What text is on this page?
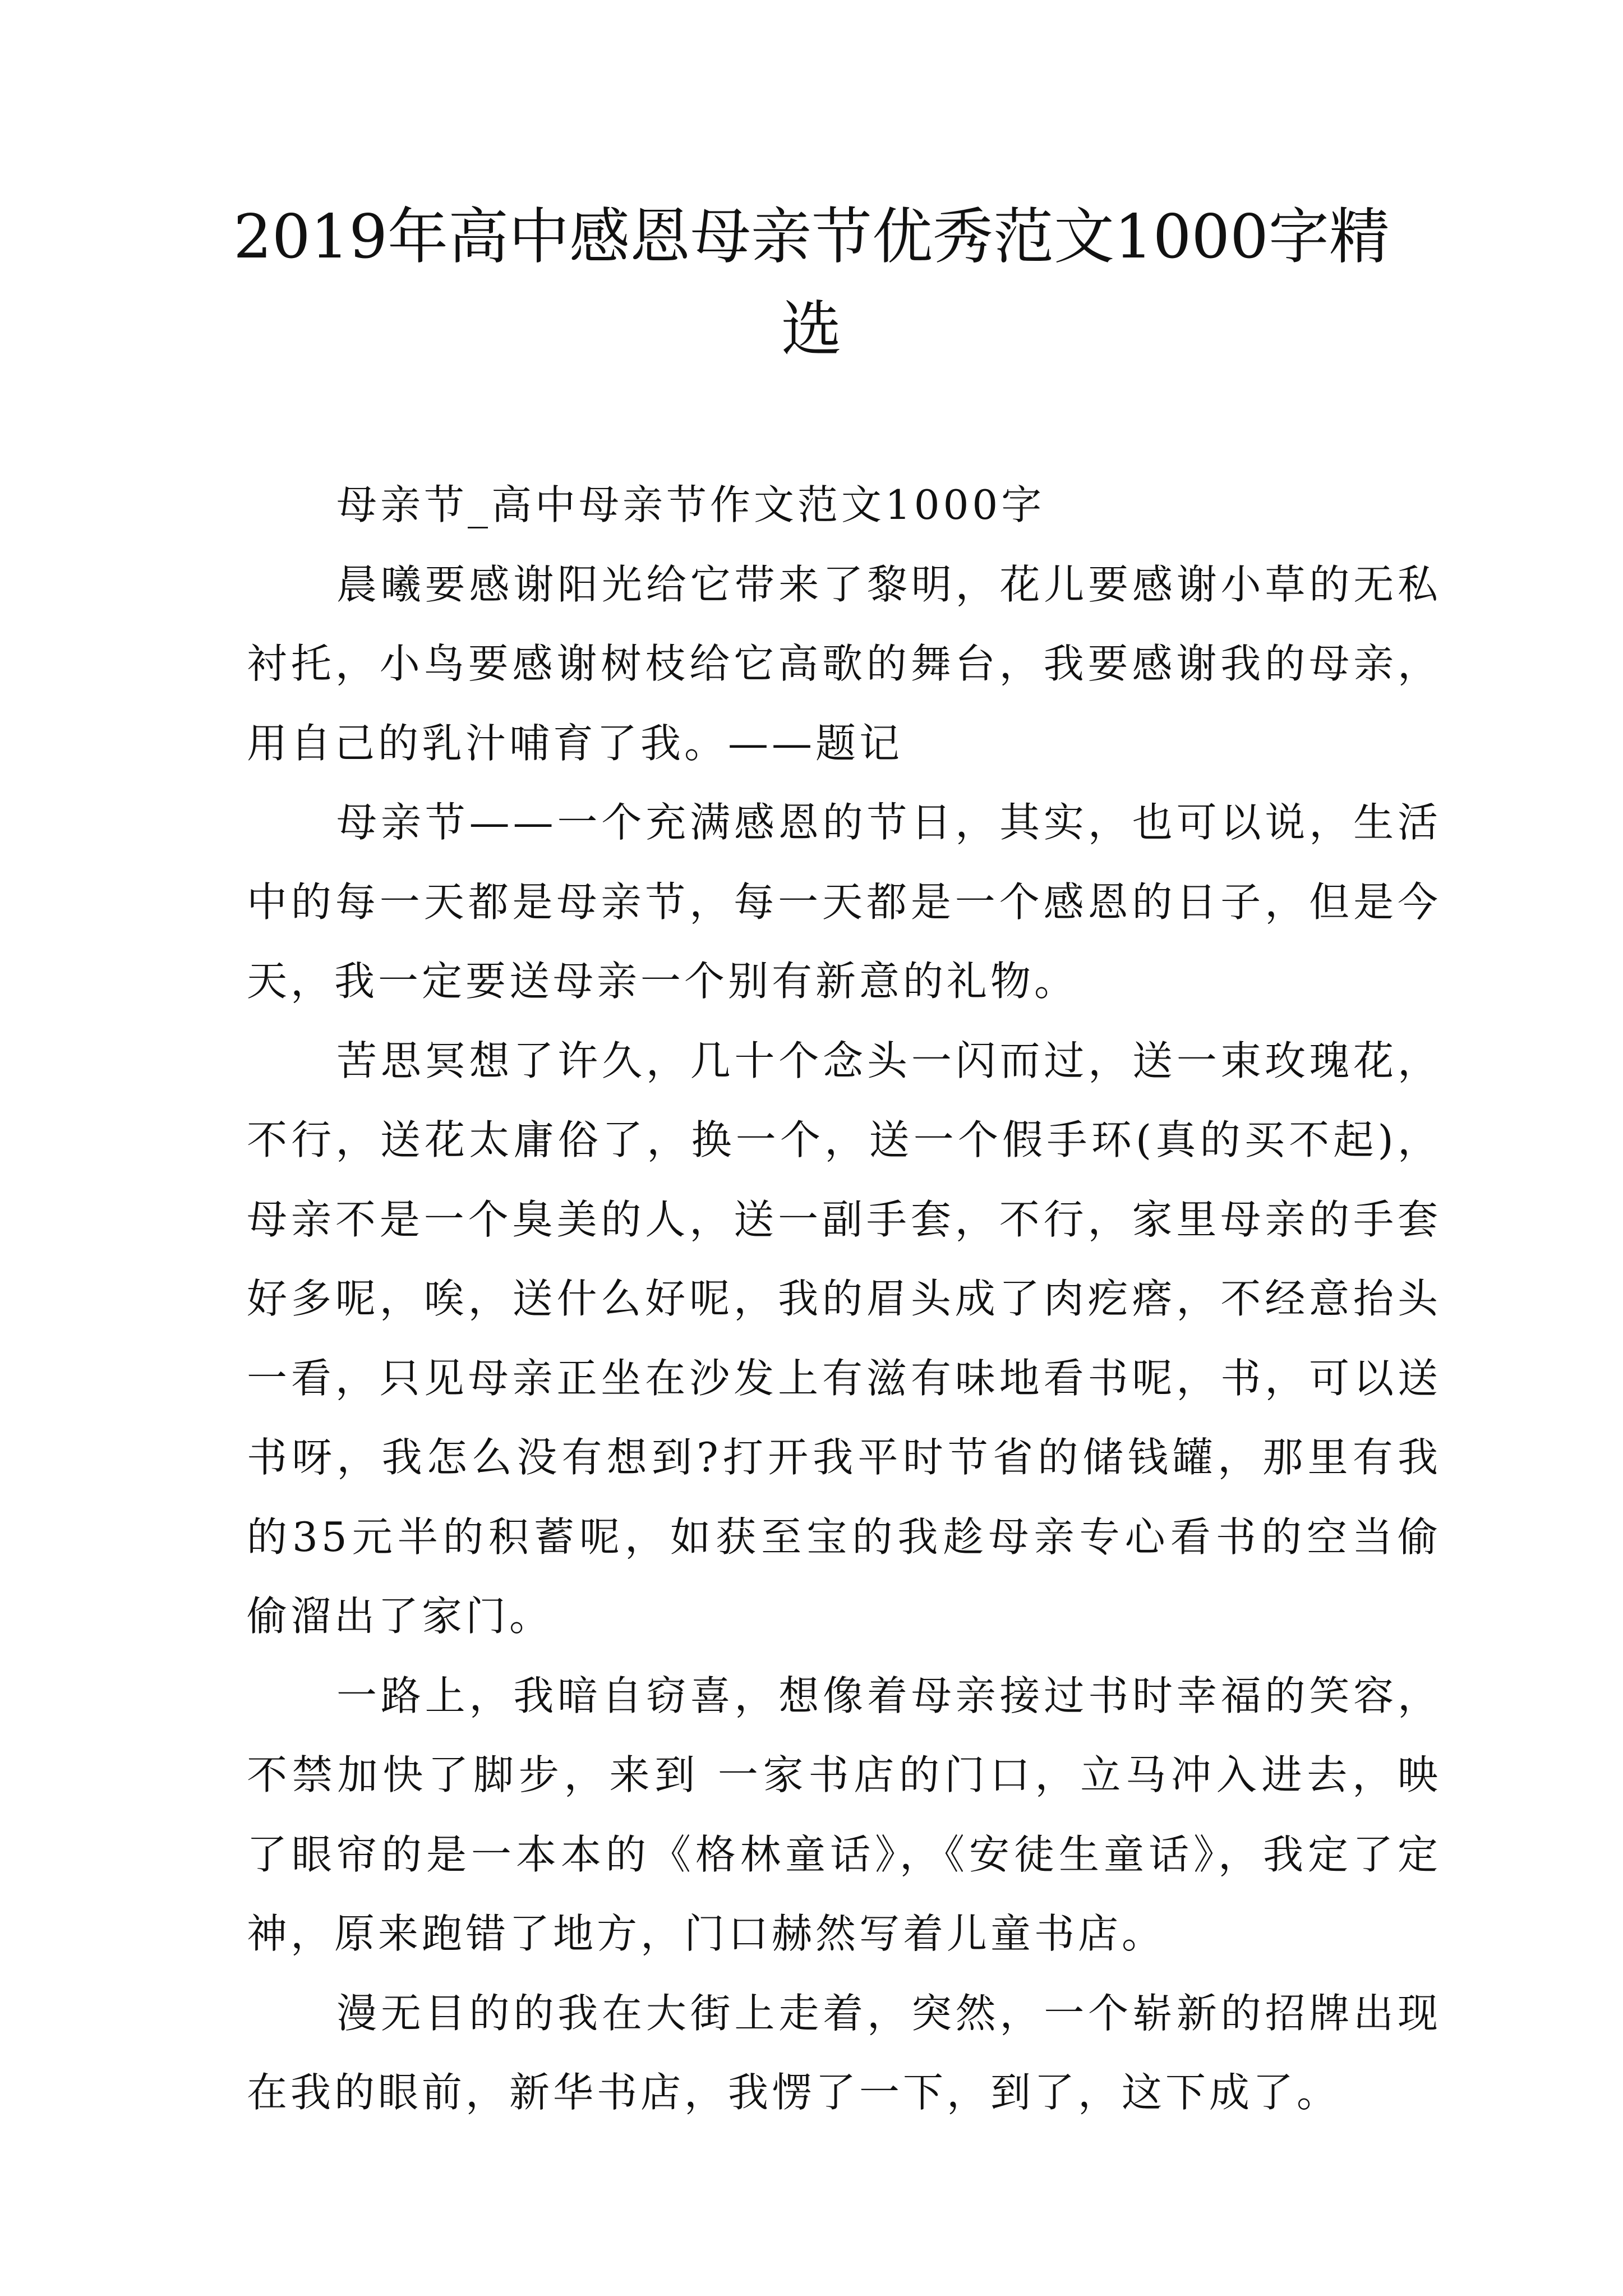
2019年高中感恩母亲节优秀范文1000字精选

母亲节_高中母亲节作文范文1000字

晨曦要感谢阳光给它带来了黎明，花儿要感谢小草的无私衬托，小鸟要感谢树枝给它高歌的舞台，我要感谢我的母亲，用自己的乳汁哺育了我。——题记

母亲节——一个充满感恩的节日，其实，也可以说，生活中的每一天都是母亲节，每一天都是一个感恩的日子，但是今天，我一定要送母亲一个别有新意的礼物。

苦思冥想了许久，几十个念头一闪而过，送一束玫瑰花，不行，送花太庸俗了，换一个，送一个假手环(真的买不起)，母亲不是一个臭美的人，送一副手套，不行，家里母亲的手套好多呢，唉，送什么好呢，我的眉头成了肉疙瘩，不经意抬头一看，只见母亲正坐在沙发上有滋有味地看书呢，书，可以送书呀，我怎么没有想到?打开我平时节省的储钱罐，那里有我的35元半的积蓄呢，如获至宝的我趁母亲专心看书的空当偷偷溜出了家门。

一路上，我暗自窃喜，想像着母亲接过书时幸福的笑容，不禁加快了脚步，来到 一家书店的门口，立马冲入进去，映了眼帘的是一本本的《格林童话》，《安徒生童话》，我定了定神，原来跑错了地方，门口赫然写着儿童书店。

漫无目的的我在大街上走着，突然，一个崭新的招牌出现在我的眼前，新华书店，我愣了一下，到了，这下成了。
